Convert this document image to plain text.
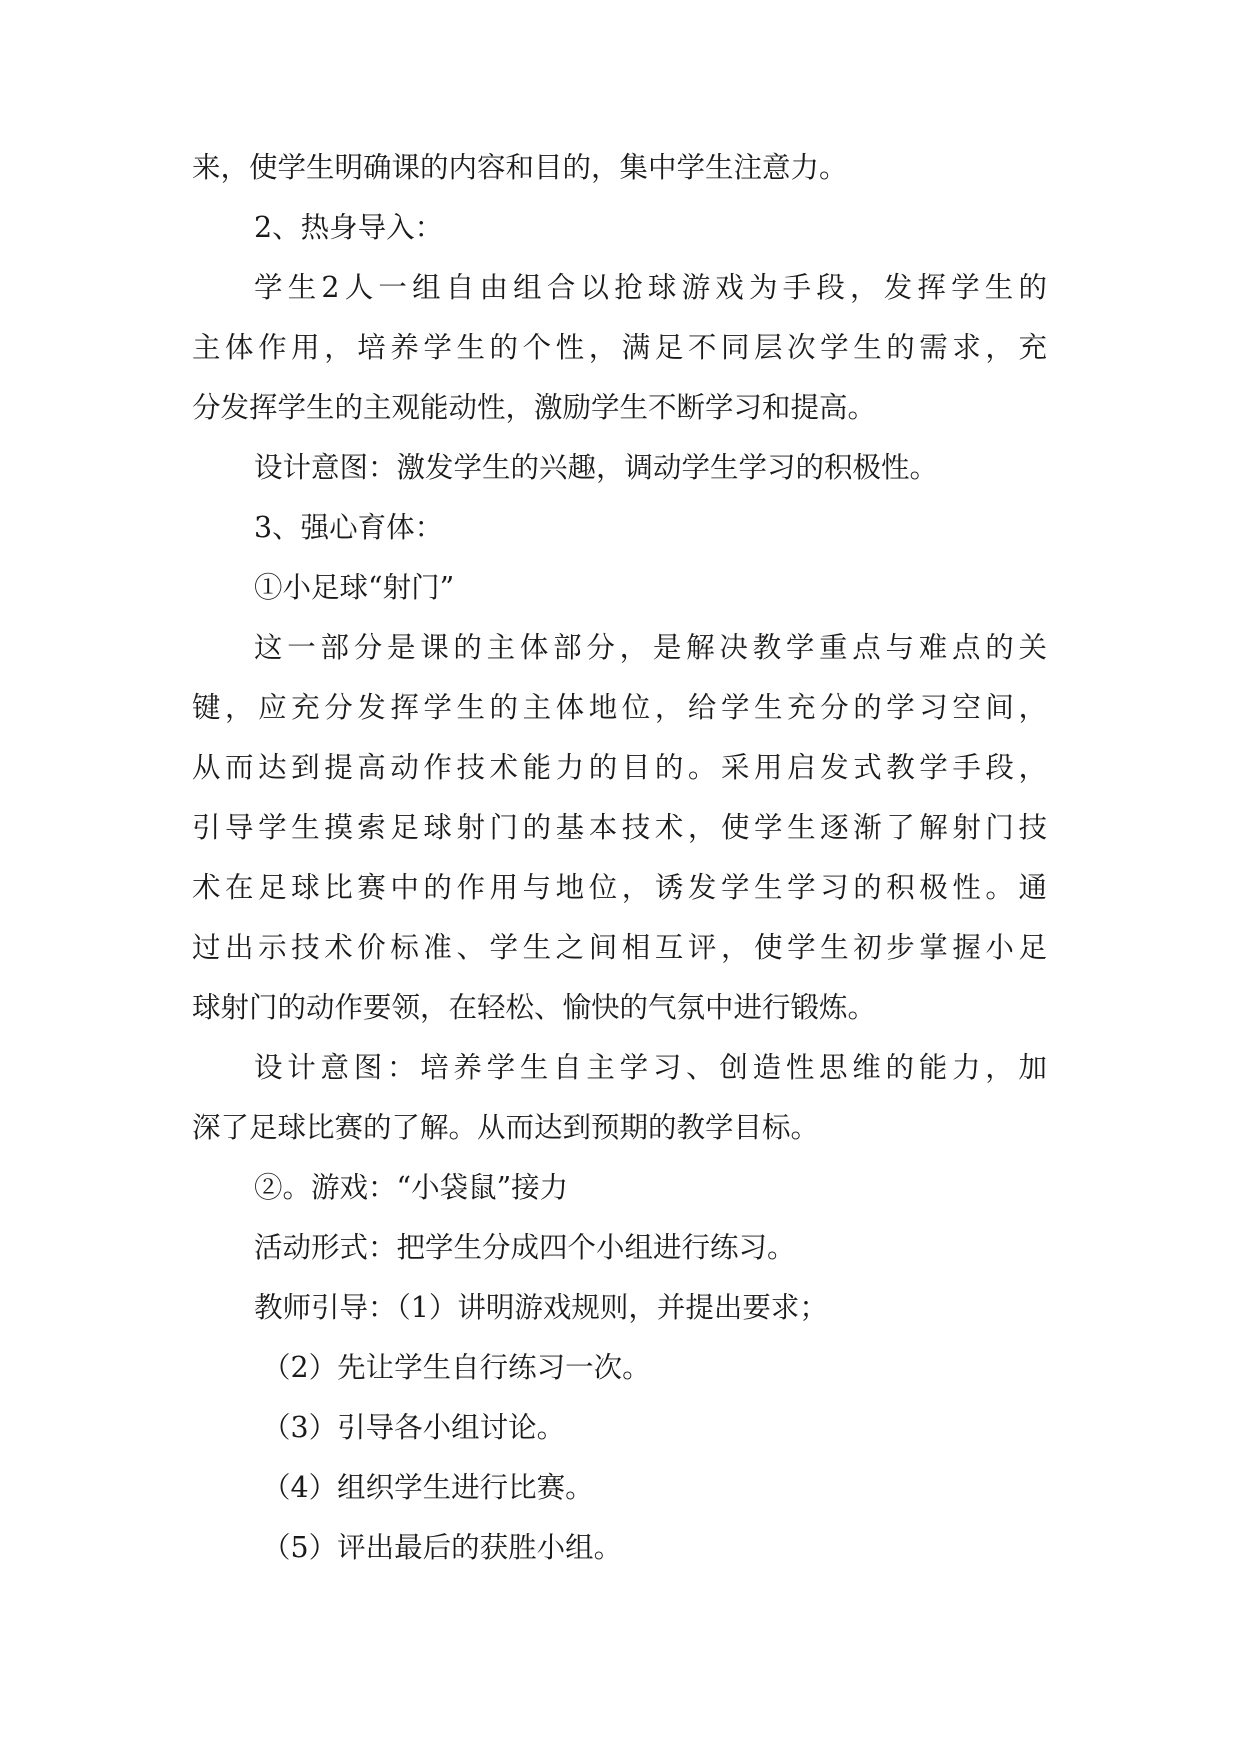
来，使学生明确课的内容和目的，集中学生注意力。
2、热身导入：
学生2人一组自由组合以抢球游戏为手段，发挥学生的
主体作用，培养学生的个性，满足不同层次学生的需求，充
分发挥学生的主观能动性，激励学生不断学习和提高。
设计意图：激发学生的兴趣，调动学生学习的积极性。
3、强心育体：
①小足球“射门”
这一部分是课的主体部分，是解决教学重点与难点的关
键，应充分发挥学生的主体地位，给学生充分的学习空间，
从而达到提高动作技术能力的目的。采用启发式教学手段，
引导学生摸索足球射门的基本技术，使学生逐渐了解射门技
术在足球比赛中的作用与地位，诱发学生学习的积极性。通
过出示技术价标准、学生之间相互评，使学生初步掌握小足
球射门的动作要领，在轻松、愉快的气氛中进行锻炼。
设计意图：培养学生自主学习、创造性思维的能力，加
深了足球比赛的了解。从而达到预期的教学目标。
②。游戏：“小袋鼠”接力
活动形式：把学生分成四个小组进行练习。
教师引导：（1）讲明游戏规则，并提出要求；
（2）先让学生自行练习一次。
（3）引导各小组讨论。
（4）组织学生进行比赛。
（5）评出最后的获胜小组。
